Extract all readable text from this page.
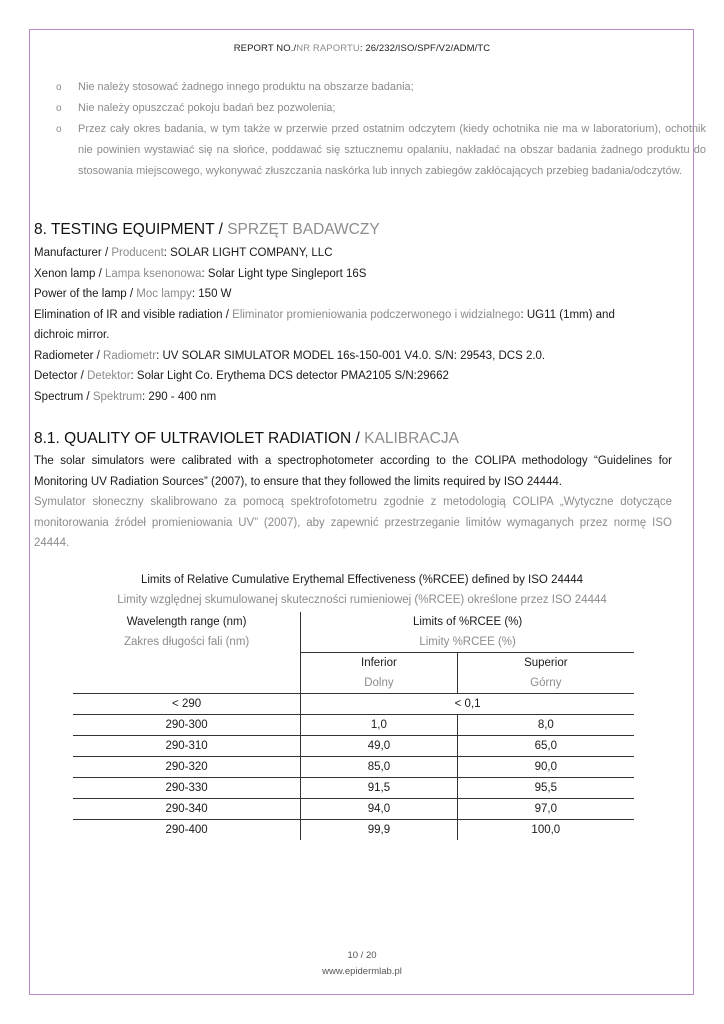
REPORT NO./NR RAPORTU: 26/232/ISO/SPF/V2/ADM/TC
o	Nie należy stosować żadnego innego produktu na obszarze badania;
o	Nie należy opuszczać pokoju badań bez pozwolenia;
o	Przez cały okres badania, w tym także w przerwie przed ostatnim odczytem (kiedy ochotnika nie ma w laboratorium), ochotnik nie powinien wystawiać się na słońce, poddawać się sztucznemu opalaniu, nakładać na obszar badania żadnego produktu do stosowania miejscowego, wykonywać złuszczania naskórka lub innych zabiegów zakłócających przebieg badania/odczytów.
8. TESTING EQUIPMENT / SPRZĘT BADAWCZY
Manufacturer / Producent: SOLAR LIGHT COMPANY, LLC
Xenon lamp / Lampa ksenonowa: Solar Light type Singleport 16S
Power of the lamp / Moc lampy: 150 W
Elimination of IR and visible radiation / Eliminator promieniowania podczerwonego i widzialnego: UG11 (1mm) and
dichroic mirror.
Radiometer / Radiometr: UV SOLAR SIMULATOR MODEL 16s-150-001 V4.0. S/N: 29543, DCS 2.0.
Detector / Detektor: Solar Light Co. Erythema DCS detector PMA2105 S/N:29662
Spectrum / Spektrum: 290 - 400 nm
8.1. QUALITY OF ULTRAVIOLET RADIATION / KALIBRACJA
The solar simulators were calibrated with a spectrophotometer according to the COLIPA methodology “Guidelines for Monitoring UV Radiation Sources” (2007), to ensure that they followed the limits required by ISO 24444.
Symulator słoneczny skalibrowano za pomocą spektrofotometru zgodnie z metodologią COLIPA „Wytyczne dotyczące monitorowania źródeł promieniowania UV” (2007), aby zapewnić przestrzeganie limitów wymaganych przez normę ISO 24444.
Limits of Relative Cumulative Erythemal Effectiveness (%RCEE) defined by ISO 24444
Limity względnej skumulowanej skuteczności rumieniowej (%RCEE) określone przez ISO 24444
Wavelength range (nm)	Limits of %RCEE (%)	
Zakres długości fali (nm)	Limity %RCEE (%)	
	Inferior	Superior
	Dolny	Górny
< 290	< 0,1	
290-300	1,0	8,0
290-310	49,0	65,0
290-320	85,0	90,0
290-330	91,5	95,5
290-340	94,0	97,0
290-400	99,9	100,0
10 / 20
www.epidermlab.pl
